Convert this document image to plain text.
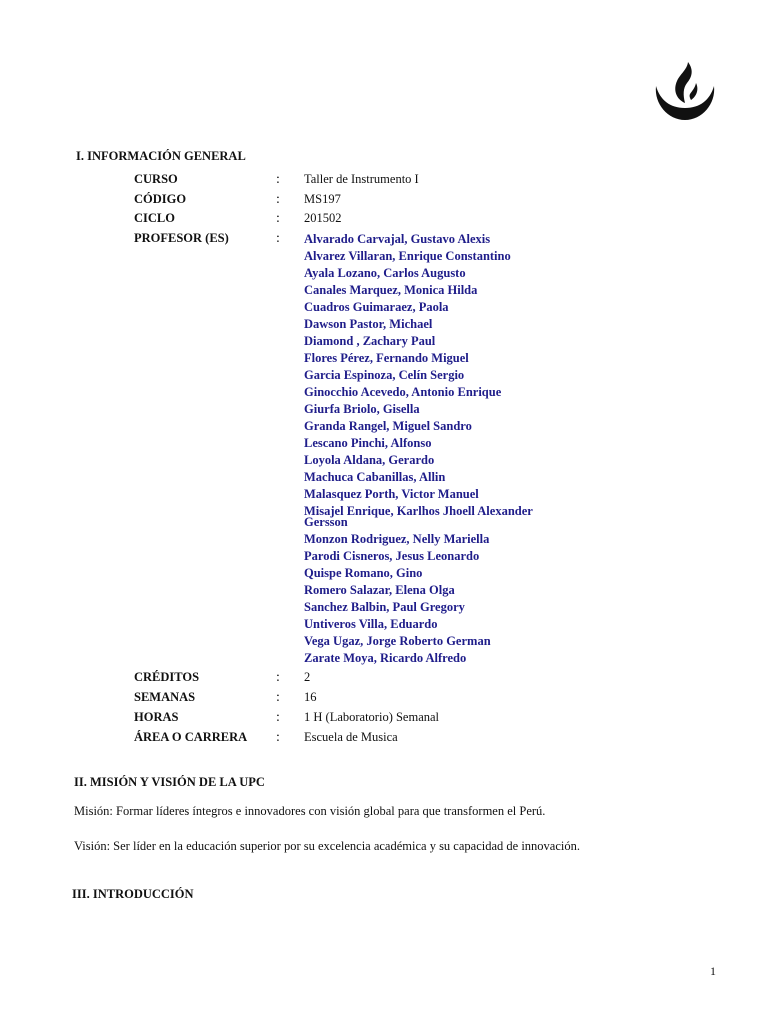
I. INFORMACIÓN GENERAL
CURSO	: Taller de Instrumento I
CÓDIGO	: MS197
CICLO	: 201502
PROFESOR (ES)	: Alvarado Carvajal, Gustavo Alexis
Alvarez Villaran, Enrique Constantino
Ayala Lozano, Carlos Augusto
Canales Marquez, Monica Hilda
Cuadros Guimaraez, Paola
Dawson Pastor, Michael
Diamond , Zachary Paul
Flores Pérez, Fernando Miguel
Garcia Espinoza, Celín Sergio
Ginocchio Acevedo, Antonio Enrique
Giurfa Briolo, Gisella
Granda Rangel, Miguel Sandro
Lescano Pinchi, Alfonso
Loyola Aldana, Gerardo
Machuca Cabanillas, Allin
Malasquez Porth, Victor Manuel
Misajel Enrique, Karlhos Jhoell Alexander Gersson
Monzon Rodriguez, Nelly Mariella
Parodi Cisneros, Jesus Leonardo
Quispe Romano, Gino
Romero Salazar, Elena Olga
Sanchez Balbin, Paul Gregory
Untiveros Villa, Eduardo
Vega Ugaz, Jorge Roberto German
Zarate Moya, Ricardo Alfredo
CRÉDITOS	: 2
SEMANAS	: 16
HORAS	: 1 H (Laboratorio) Semanal
ÁREA O CARRERA : Escuela de Musica
II. MISIÓN Y VISIÓN DE LA UPC

Misión: Formar líderes íntegros e innovadores con visión global para que transformen el Perú.

Visión: Ser líder en la educación superior por su excelencia académica y su capacidad de innovación.

III. INTRODUCCIÓN
1
